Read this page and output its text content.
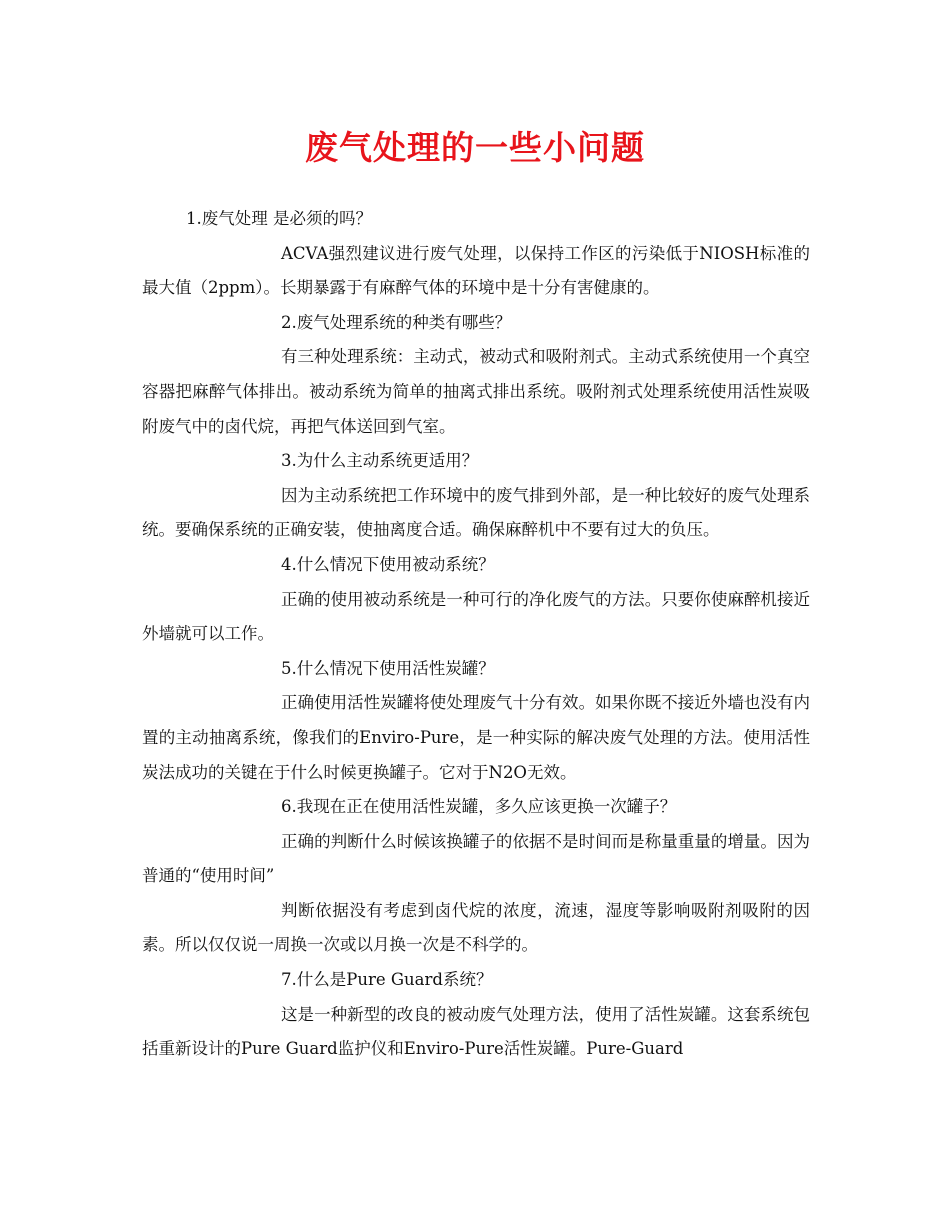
废气处理的一些小问题

1.废气处理 是必须的吗？

ACVA强烈建议进行废气处理，以保持工作区的污染低于NIOSH标准的最大值（2ppm）。长期暴露于有麻醉气体的环境中是十分有害健康的。

2.废气处理系统的种类有哪些？

有三种处理系统：主动式，被动式和吸附剂式。主动式系统使用一个真空容器把麻醉气体排出。被动系统为简单的抽离式排出系统。吸附剂式处理系统使用活性炭吸附废气中的卤代烷，再把气体送回到气室。

3.为什么主动系统更适用？

因为主动系统把工作环境中的废气排到外部，是一种比较好的废气处理系统。要确保系统的正确安装，使抽离度合适。确保麻醉机中不要有过大的负压。

4.什么情况下使用被动系统？

正确的使用被动系统是一种可行的净化废气的方法。只要你使麻醉机接近外墙就可以工作。

5.什么情况下使用活性炭罐？

正确使用活性炭罐将使处理废气十分有效。如果你既不接近外墙也没有内置的主动抽离系统，像我们的Enviro-Pure，是一种实际的解决废气处理的方法。使用活性炭法成功的关键在于什么时候更换罐子。它对于N2O无效。

6.我现在正在使用活性炭罐，多久应该更换一次罐子？

正确的判断什么时候该换罐子的依据不是时间而是称量重量的增量。因为普通的“使用时间”

判断依据没有考虑到卤代烷的浓度，流速，湿度等影响吸附剂吸附的因素。所以仅仅说一周换一次或以月换一次是不科学的。

7.什么是Pure Guard系统？

这是一种新型的改良的被动废气处理方法，使用了活性炭罐。这套系统包括重新设计的Pure Guard监护仪和Enviro-Pure活性炭罐。Pure-Guard
